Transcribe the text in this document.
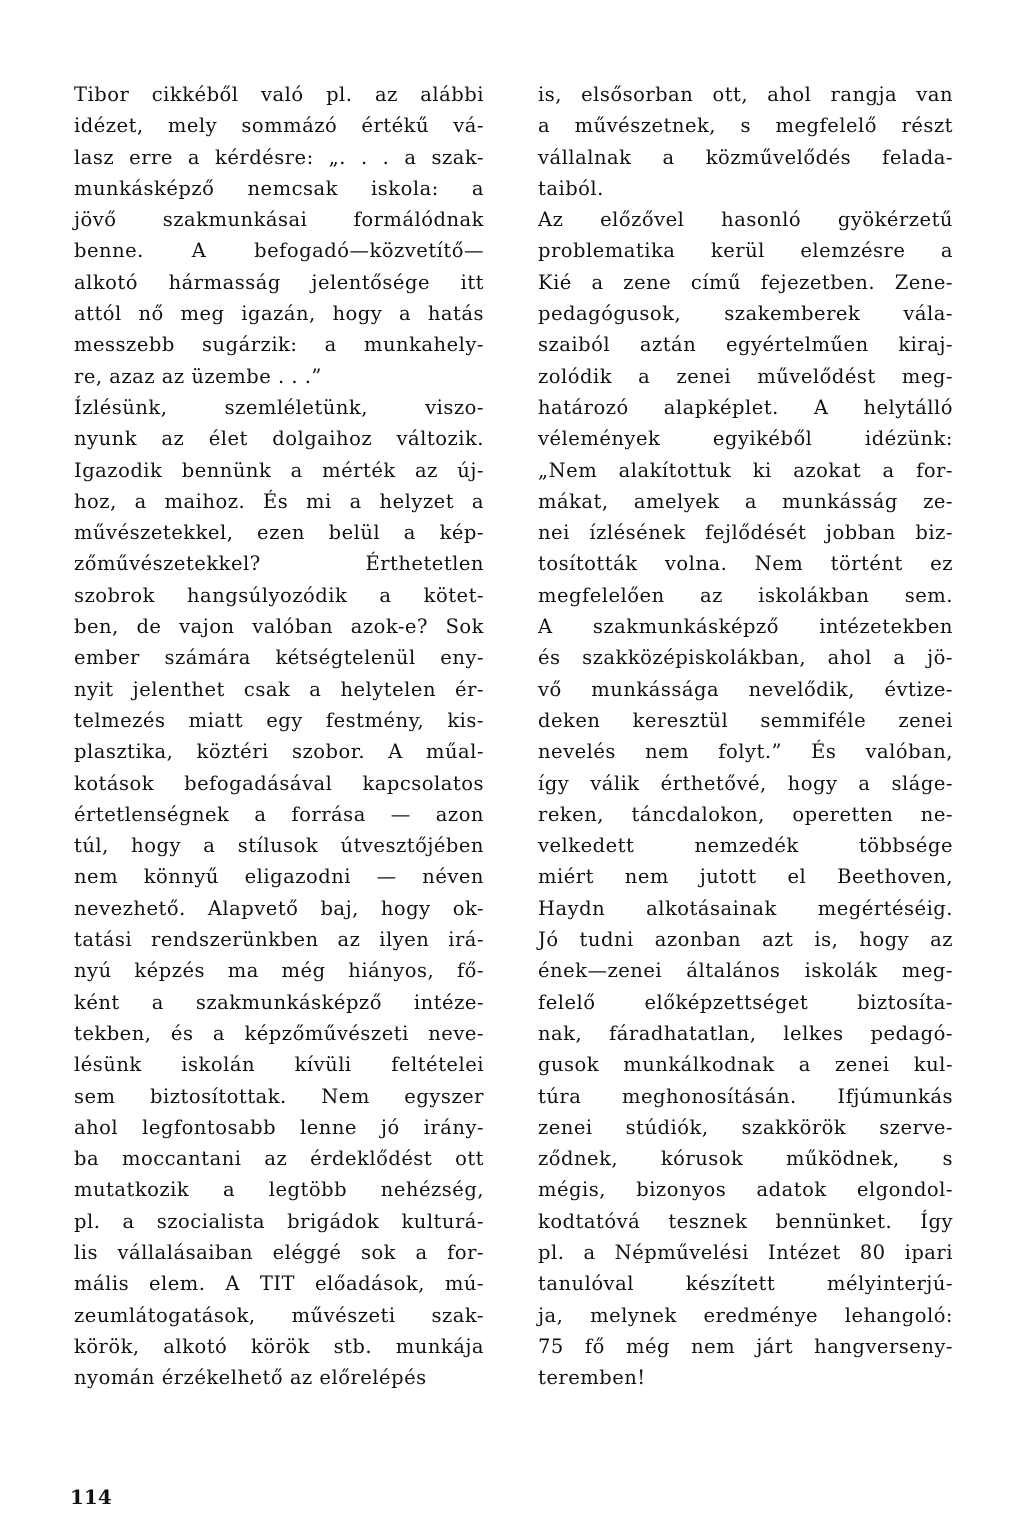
Tibor cikkéből való pl. az alábbi
idézet, mely sommázó értékű vá-
lasz erre a kérdésre: „. . . a szak-
munkásképző nemcsak iskola: a
jövő szakmunkásai formálódnak
benne. A befogadó—közvetítő—
alkotó hármasság jelentősége itt
attól nő meg igazán, hogy a hatás
messzebb sugárzik: a munkahely-
re, azaz az üzembe . . .”
Ízlésünk, szemléletünk, viszo-
nyunk az élet dolgaihoz változik.
Igazodik bennünk a mérték az új-
hoz, a maihoz. És mi a helyzet a
művészetekkel, ezen belül a kép-
zőművészetekkel? Érthetetlen
szobrok hangsúlyozódik a kötet-
ben, de vajon valóban azok-e? Sok
ember számára kétségtelenül eny-
nyit jelenthet csak a helytelen ér-
telmezés miatt egy festmény, kis-
plasztika, köztéri szobor. A műal-
kotások befogadásával kapcsolatos
értetlenségnek a forrása — azon
túl, hogy a stílusok útvesztőjében
nem könnyű eligazodni — néven
nevezhető. Alapvető baj, hogy ok-
tatási rendszerünkben az ilyen irá-
nyú képzés ma még hiányos, fő-
ként a szakmunkásképző intéze-
tekben, és a képzőművészeti neve-
lésünk iskolán kívüli feltételei
sem biztosítottak. Nem egyszer
ahol legfontosabb lenne jó irány-
ba moccantani az érdeklődést ott
mutatkozik a legtöbb nehézség,
pl. a szocialista brigádok kulturá-
lis vállalásaiban eléggé sok a for-
mális elem. A TIT előadások, mú-
zeumlátogatások, művészeti szak-
körök, alkotó körök stb. munkája
nyomán érzékelhető az előrelépés
is, elsősorban ott, ahol rangja van
a művészetnek, s megfelelő részt
vállalnak a közművelődés felada-
taiból.
Az előzővel hasonló gyökérzetű
problematika kerül elemzésre a
Kié a zene című fejezetben. Zene-
pedagógusok, szakemberek vála-
szaiból aztán egyértelműen kiraj-
zolódik a zenei művelődést meg-
határozó alapképlet. A helytálló
vélemények egyikéből idézünk:
„Nem alakítottuk ki azokat a for-
mákat, amelyek a munkásság ze-
nei ízlésének fejlődését jobban biz-
tosították volna. Nem történt ez
megfelelően az iskolákban sem.
A szakmunkásképző intézetekben
és szakközépiskolákban, ahol a jö-
vő munkássága nevelődik, évtize-
deken keresztül semmiféle zenei
nevelés nem folyt.” És valóban,
így válik érthetővé, hogy a sláge-
reken, táncdalokon, operetten ne-
velkedett nemzedék többsége
miért nem jutott el Beethoven,
Haydn alkotásainak megértéséig.
Jó tudni azonban azt is, hogy az
ének—zenei általános iskolák meg-
felelő előképzettséget biztosíta-
nak, fáradhatatlan, lelkes pedagó-
gusok munkálkodnak a zenei kul-
túra meghonosításán. Ifjúmunkás
zenei stúdiók, szakkörök szerve-
ződnek, kórusok működnek, s
mégis, bizonyos adatok elgondol-
kodtatóvá tesznek bennünket. Így
pl. a Népművelési Intézet 80 ipari
tanulóval készített mélyinterjú-
ja, melynek eredménye lehangoló:
75 fő még nem járt hangverseny-
teremben!
114
